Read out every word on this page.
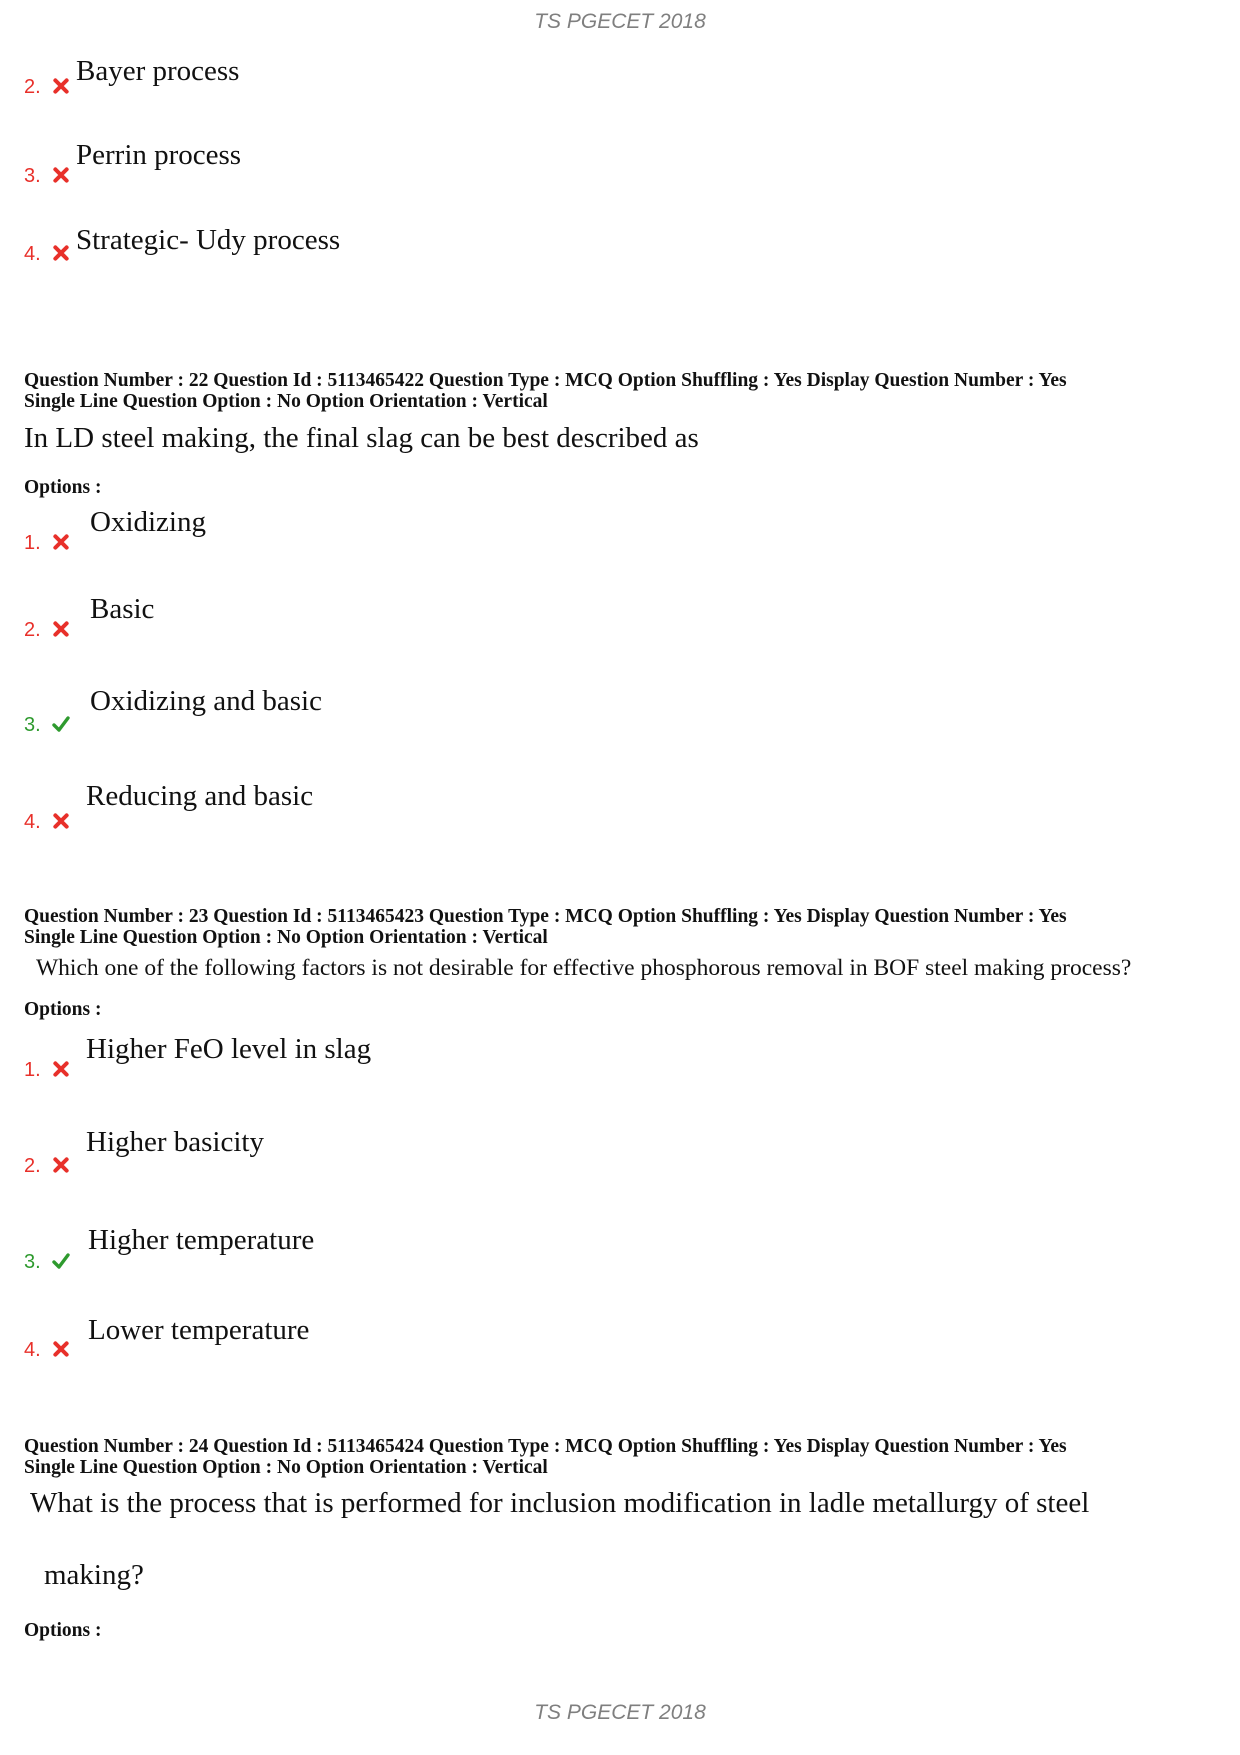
TS PGECET 2018
2. Bayer process
3.
Perrin process
4. Strategic- Udy process
Question Number : 22 Question Id : 5113465422 Question Type : MCQ Option Shuffling : Yes Display Question Number : Yes
Single Line Question Option : No Option Orientation : Vertical
In LD steel making, the final slag can be best described as
Options :
1.
Oxidizing
2.
Basic
3.
Oxidizing and basic
4.
Reducing and basic
Question Number : 23 Question Id : 5113465423 Question Type : MCQ Option Shuffling : Yes Display Question Number : Yes
Single Line Question Option : No Option Orientation : Vertical
Which one of the following factors is not desirable for effective phosphorous removal in BOF steel making process?
Options :
1.
Higher FeO level in slag
2.
Higher basicity
3.
Higher temperature
4.
Lower temperature
Question Number : 24 Question Id : 5113465424 Question Type : MCQ Option Shuffling : Yes Display Question Number : Yes
Single Line Question Option : No Option Orientation : Vertical
What is the process that is performed for inclusion modification in ladle metallurgy of steel
making?
Options :
TS PGECET 2018
